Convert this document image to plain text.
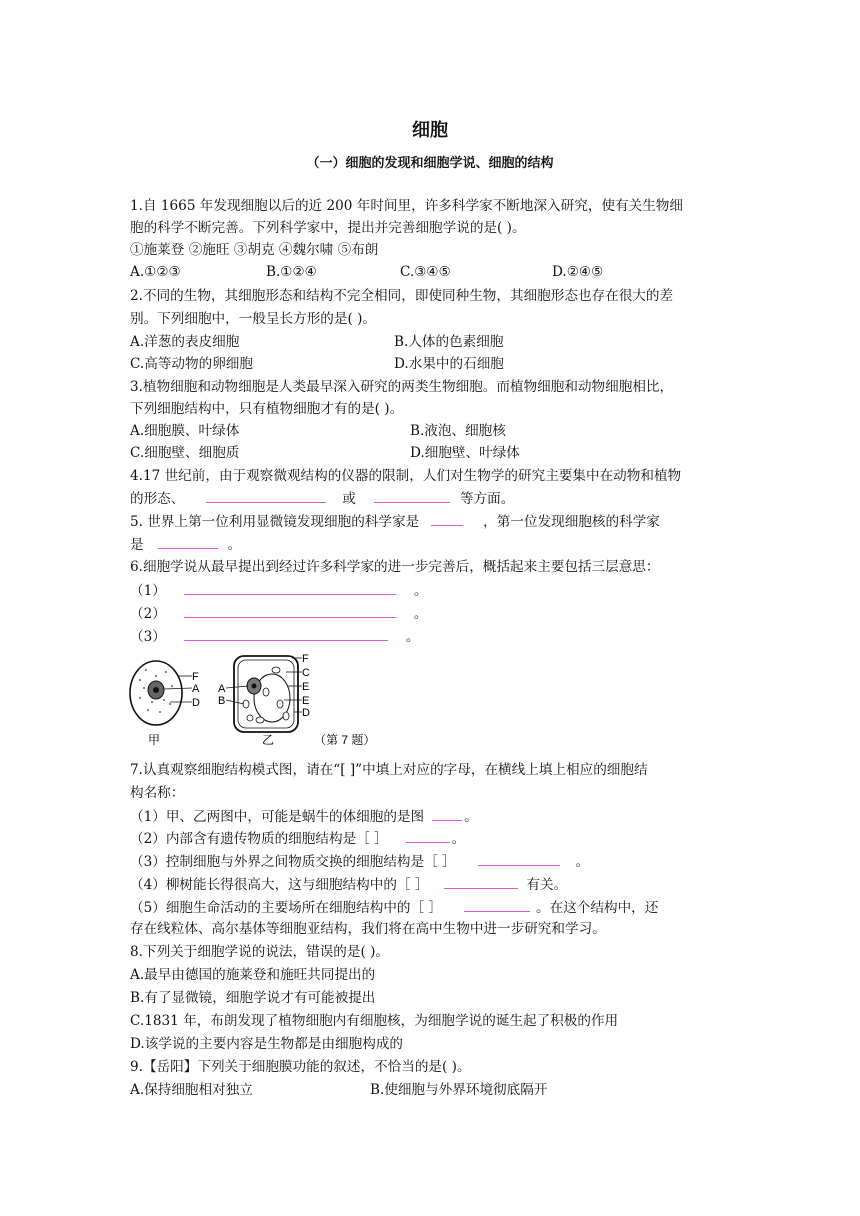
细胞
（一）细胞的发现和细胞学说、细胞的结构
1.自 1665 年发现细胞以后的近 200 年时间里，许多科学家不断地深入研究，使有关生物细
胞的科学不断完善。下列科学家中，提出并完善细胞学说的是( )。
①施莱登 ②施旺 ③胡克 ④魏尔啸 ⑤布朗
A.①②③	B.①②④	C.③④⑤	D.②④⑤
2.不同的生物，其细胞形态和结构不完全相同，即使同种生物，其细胞形态也存在很大的差
别。下列细胞中，一般呈长方形的是( )。
A.洋葱的表皮细胞	B.人体的色素细胞
C.高等动物的卵细胞	D.水果中的石细胞
3.植物细胞和动物细胞是人类最早深入研究的两类生物细胞。而植物细胞和动物细胞相比，
下列细胞结构中，只有植物细胞才有的是( )。
A.细胞膜、叶绿体	B.液泡、细胞核
C.细胞壁、细胞质	D.细胞壁、叶绿体
4.17 世纪前，由于观察微观结构的仪器的限制，人们对生物学的研究主要集中在动物和植物
的形态、	或	等方面。
5. 世界上第一位利用显微镜发现细胞的科学家是	，第一位发现细胞核的科学家
是	。
6.细胞学说从最早提出到经过许多科学家的进一步完善后，概括起来主要包括三层意思：
（1）	。
（2）	。
（3）	。
F
A
D
甲
A
B
F
C
E
E
D
乙	（第 7 题）
7.认真观察细胞结构模式图，请在“[ ]”中填上对应的字母，在横线上填上相应的细胞结
构名称：
（1）甲、乙两图中，可能是蜗牛的体细胞的是图	。
（2）内部含有遗传物质的细胞结构是［ ］	。
（3）控制细胞与外界之间物质交换的细胞结构是［ ］	。
（4）柳树能长得很高大，这与细胞结构中的［ ］	有关。
（5）细胞生命活动的主要场所在细胞结构中的［ ］	。在这个结构中，还
存在线粒体、高尔基体等细胞亚结构，我们将在高中生物中进一步研究和学习。
8.下列关于细胞学说的说法，错误的是( )。
A.最早由德国的施莱登和施旺共同提出的
B.有了显微镜，细胞学说才有可能被提出
C.1831 年，布朗发现了植物细胞内有细胞核，为细胞学说的诞生起了积极的作用
D.该学说的主要内容是生物都是由细胞构成的
9.【岳阳】下列关于细胞膜功能的叙述，不恰当的是( )。
A.保持细胞相对独立	B.使细胞与外界环境彻底隔开
